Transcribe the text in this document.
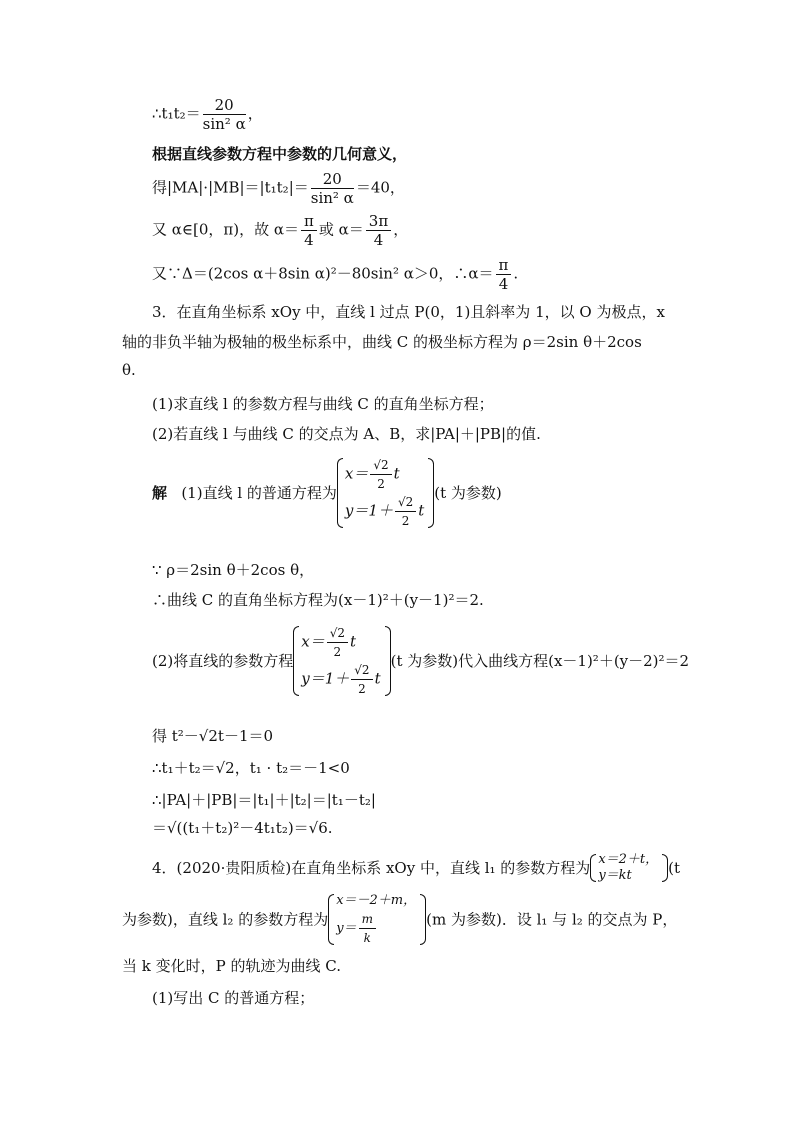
∴t₁t₂＝ $\frac{20}{\text{sin² α}}$ ，
根据直线参数方程中参数的几何意义，
得$|MA|\cdot|MB|=|t_1t_2|= \frac{20}{\text{sin² α}} =40$，
又 α∈[0，π)，故 $\alpha= \frac{\pi}{4}$ 或 $\alpha= \frac{3\pi}{4}$ ，
又∵Δ＝(2cos α＋8sin α)²－80sin² α＞0，∴α＝ $\frac{\pi}{4}$ .
3．在直角坐标系 xOy 中，直线 l 过点 P(0，1)且斜率为 1，以 O 为极点，x
轴的非负半轴为极轴的极坐标系中，曲线 C 的极坐标方程为 ρ＝2sin θ＋2cos
θ.
(1)求直线 l 的参数方程与曲线 C 的直角坐标方程；
(2)若直线 l 与曲线 C 的交点为 A、B，求|PA|＋|PB|的值.
解 (1)直线 l 的普通方程为
$x= \frac{√2}{2}$ t
$y=1+ \frac{√2}{2}$ t
(t 为参数)
∵ ρ＝2sin θ＋2cos θ，
∴曲线 C 的直角坐标方程为(x－1)²＋(y－1)²＝2.
(2)将直线的参数方程
$x= \frac{√2}{2}$ t
$y=1+ \frac{√2}{2}$ t
(t 为参数)代入曲线方程(x－1)²＋(y－2)²＝2
得 t²－√2t－1＝0
∴t₁＋t₂＝√2，t₁ · t₂＝－1<0
∴|PA|＋|PB|＝|t₁|＋|t₂|＝|t₁－t₂|
＝√((t₁＋t₂)²－4t₁t₂)＝√6.
4．(2020·贵阳质检)在直角坐标系 xOy 中，直线 l₁ 的参数方程为 x＝2＋t，
y＝kt	(t
为参数)，直线 l₂ 的参数方程为
x＝－2＋m，
$y= \frac{m}{k}$	(m 为参数)．设 l₁ 与 l₂ 的交点为 P，
当 k 变化时，P 的轨迹为曲线 C.
(1)写出 C 的普通方程；
